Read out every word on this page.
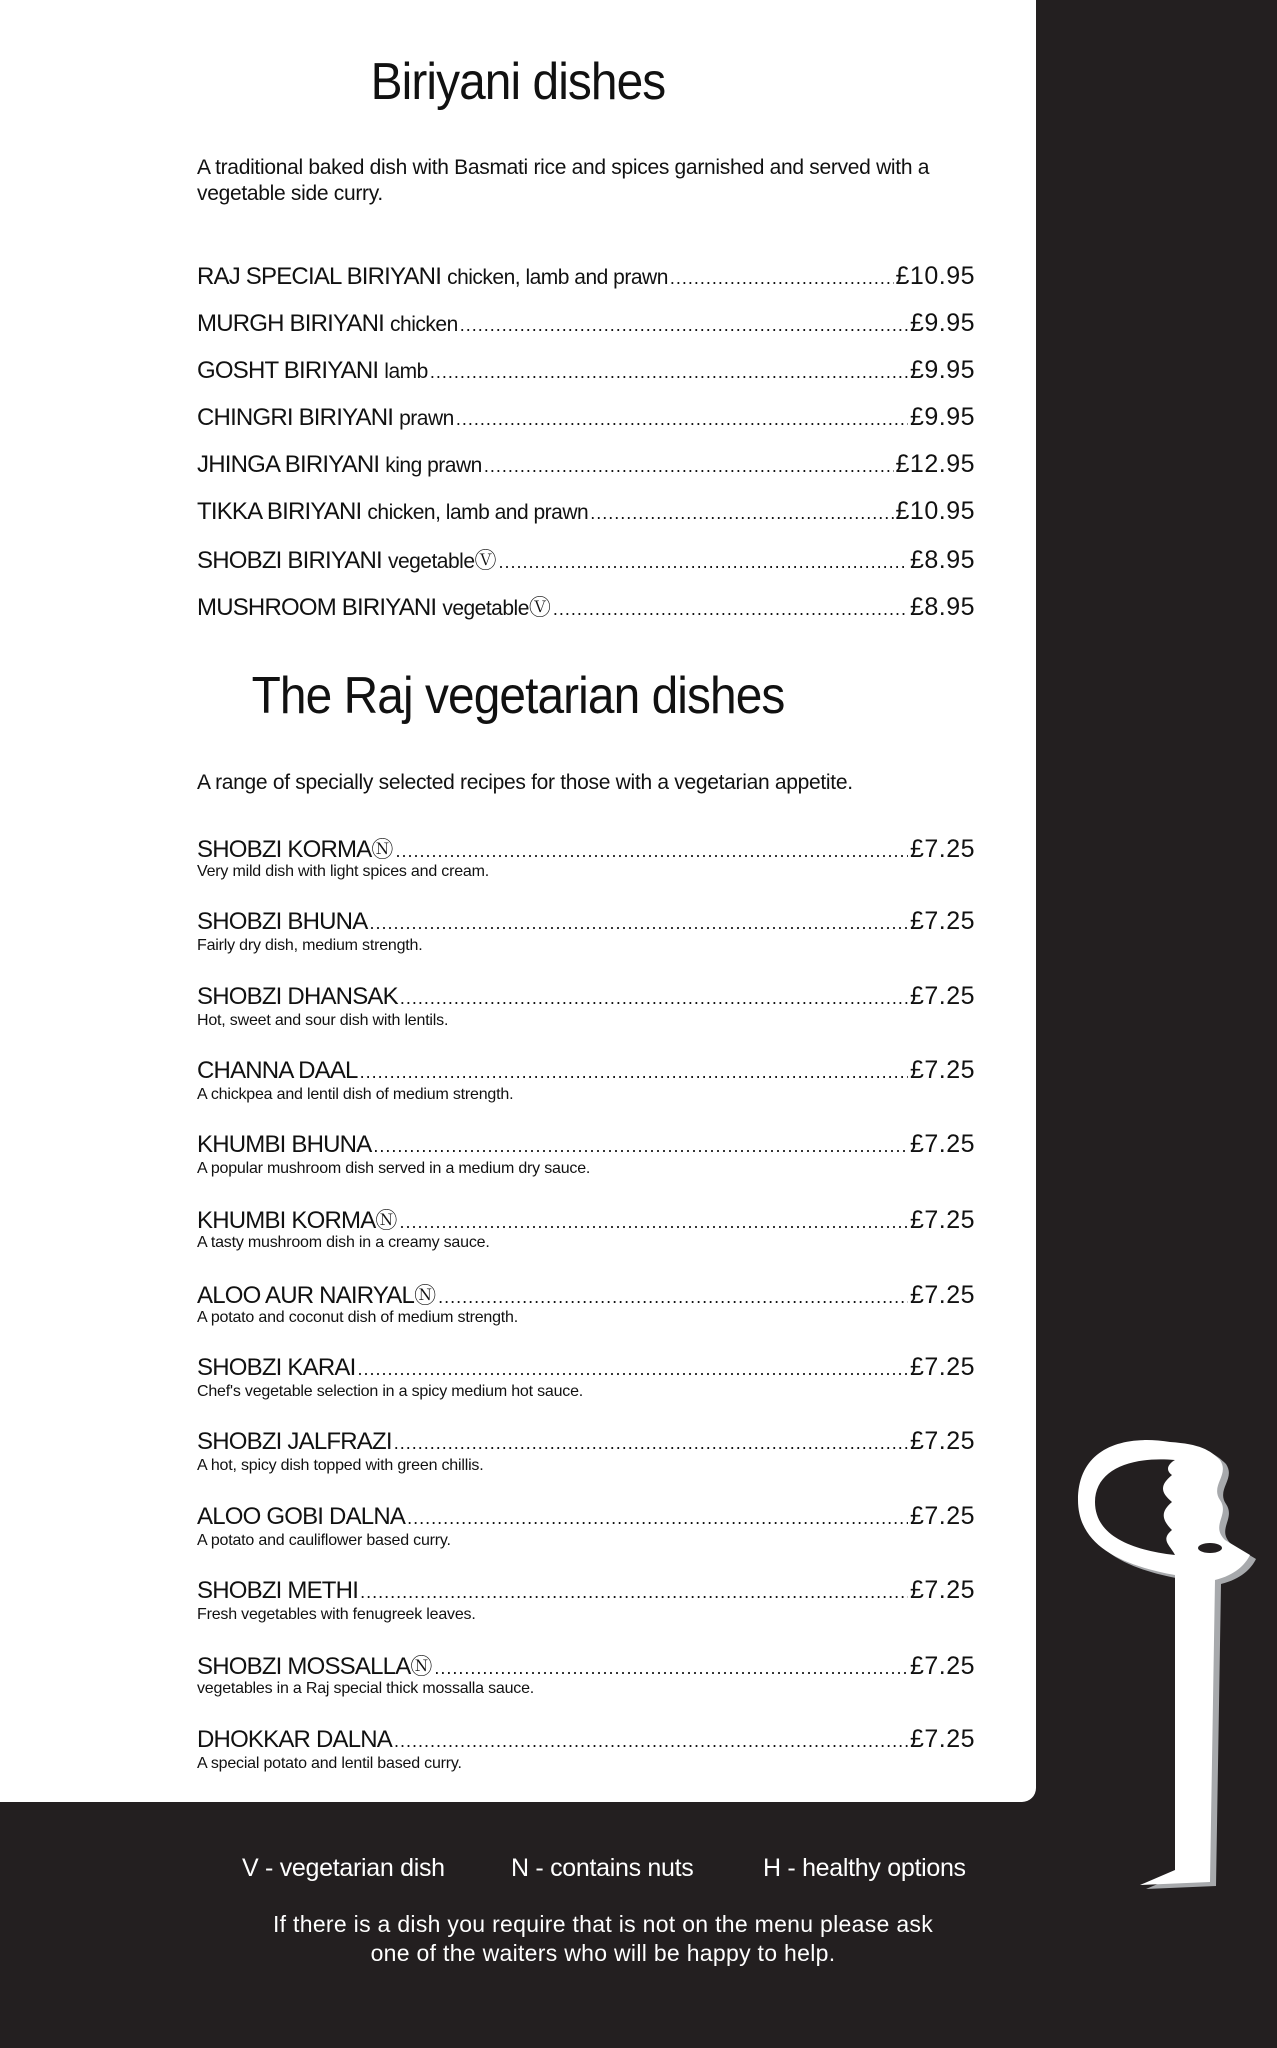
Biriyani dishes
A traditional baked dish with Basmati rice and spices garnished and served with a vegetable side curry.
RAJ SPECIAL BIRIYANI chicken, lamb and prawn .....	£10.95
MURGH BIRIYANI chicken .....	£9.95
GOSHT BIRIYANI lamb .....	£9.95
CHINGRI BIRIYANI prawn .....	£9.95
JHINGA BIRIYANI king prawn .....	£12.95
TIKKA BIRIYANI chicken, lamb and prawn .....	£10.95
SHOBZI BIRIYANI vegetable Ⓥ .....	£8.95
MUSHROOM BIRIYANI vegetable Ⓥ .....	£8.95
The Raj vegetarian dishes
A range of specially selected recipes for those with a vegetarian appetite.
SHOBZI KORMA Ⓝ .....	£7.25
Very mild dish with light spices and cream.
SHOBZI BHUNA .....	£7.25
Fairly dry dish, medium strength.
SHOBZI DHANSAK .....	£7.25
Hot, sweet and sour dish with lentils.
CHANNA DAAL .....	£7.25
A chickpea and lentil dish of medium strength.
KHUMBI BHUNA .....	£7.25
A popular mushroom dish served in a medium dry sauce.
KHUMBI KORMA Ⓝ .....	£7.25
A tasty mushroom dish in a creamy sauce.
ALOO AUR NAIRYAL Ⓝ .....	£7.25
A potato and coconut dish of medium strength.
SHOBZI KARAI .....	£7.25
Chef's vegetable selection in a spicy medium hot sauce.
SHOBZI JALFRAZI .....	£7.25
A hot, spicy dish topped with green chillis.
ALOO GOBI DALNA .....	£7.25
A potato and cauliflower based curry.
SHOBZI METHI .....	£7.25
Fresh vegetables with fenugreek leaves.
SHOBZI MOSSALLA Ⓝ .....	£7.25
vegetables in a Raj special thick mossalla sauce.
DHOKKAR DALNA .....	£7.25
A special potato and lentil based curry.
V - vegetarian dish	N - contains nuts	H - healthy options
If there is a dish you require that is not on the menu please ask
one of the waiters who will be happy to help.
